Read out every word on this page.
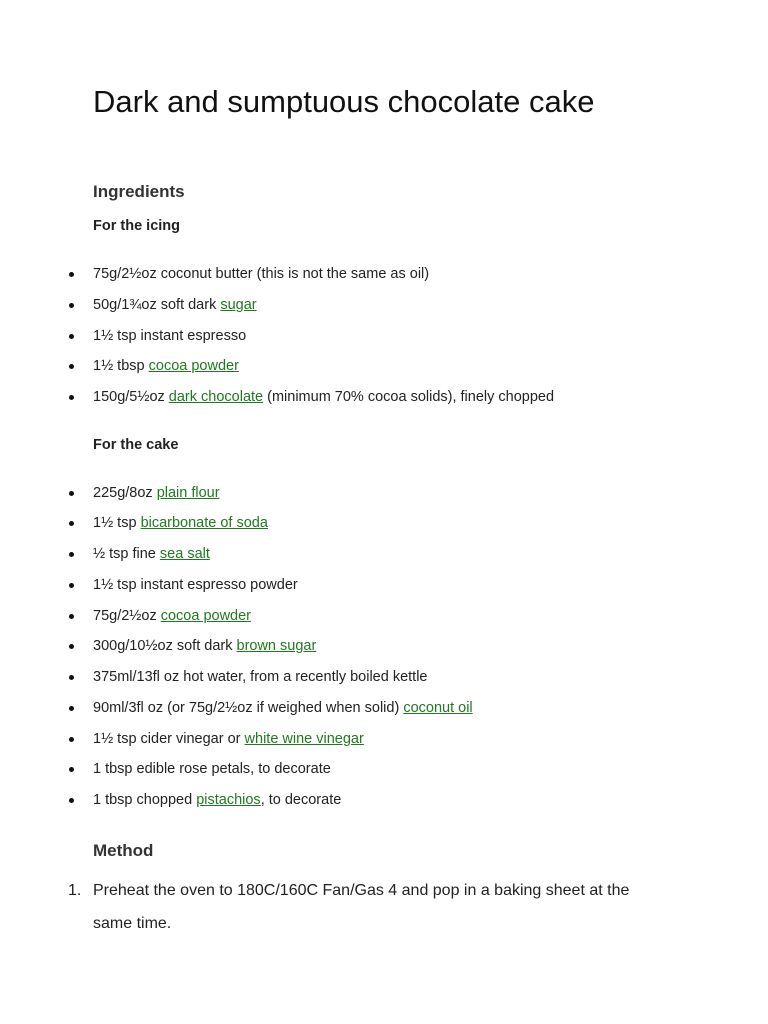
Dark and sumptuous chocolate cake
Ingredients
For the icing
75g/2½oz coconut butter (this is not the same as oil)
50g/1¾oz soft dark sugar
1½ tsp instant espresso
1½ tbsp cocoa powder
150g/5½oz dark chocolate (minimum 70% cocoa solids), finely chopped
For the cake
225g/8oz plain flour
1½ tsp bicarbonate of soda
½ tsp fine sea salt
1½ tsp instant espresso powder
75g/2½oz cocoa powder
300g/10½oz soft dark brown sugar
375ml/13fl oz hot water, from a recently boiled kettle
90ml/3fl oz (or 75g/2½oz if weighed when solid) coconut oil
1½ tsp cider vinegar or white wine vinegar
1 tbsp edible rose petals, to decorate
1 tbsp chopped pistachios, to decorate
Method
1. Preheat the oven to 180C/160C Fan/Gas 4 and pop in a baking sheet at the same time.
